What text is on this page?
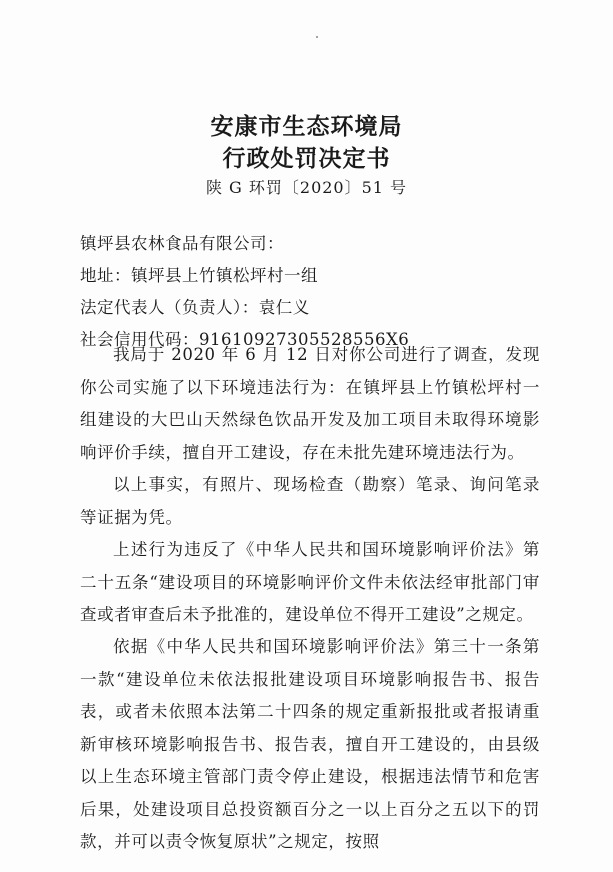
安康市生态环境局
行政处罚决定书
陕 G 环罚〔2020〕51 号
镇坪县农林食品有限公司：
地址：镇坪县上竹镇松坪村一组
法定代表人（负责人）：袁仁义
社会信用代码：91610927305528556X6

我局于 2020 年 6 月 12 日对你公司进行了调查，发现你公司实施了以下环境违法行为：在镇坪县上竹镇松坪村一组建设的大巴山天然绿色饮品开发及加工项目未取得环境影响评价手续，擅自开工建设，存在未批先建环境违法行为。

以上事实，有照片、现场检查（勘察）笔录、询问笔录等证据为凭。

上述行为违反了《中华人民共和国环境影响评价法》第二十五条“建设项目的环境影响评价文件未依法经审批部门审查或者审查后未予批准的，建设单位不得开工建设”之规定。

依据《中华人民共和国环境影响评价法》第三十一条第一款“建设单位未依法报批建设项目环境影响报告书、报告表，或者未依照本法第二十四条的规定重新报批或者报请重新审核环境影响报告书、报告表，擅自开工建设的，由县级以上生态环境主管部门责令停止建设，根据违法情节和危害后果，处建设项目总投资额百分之一以上百分之五以下的罚款，并可以责令恢复原状”之规定，按照
